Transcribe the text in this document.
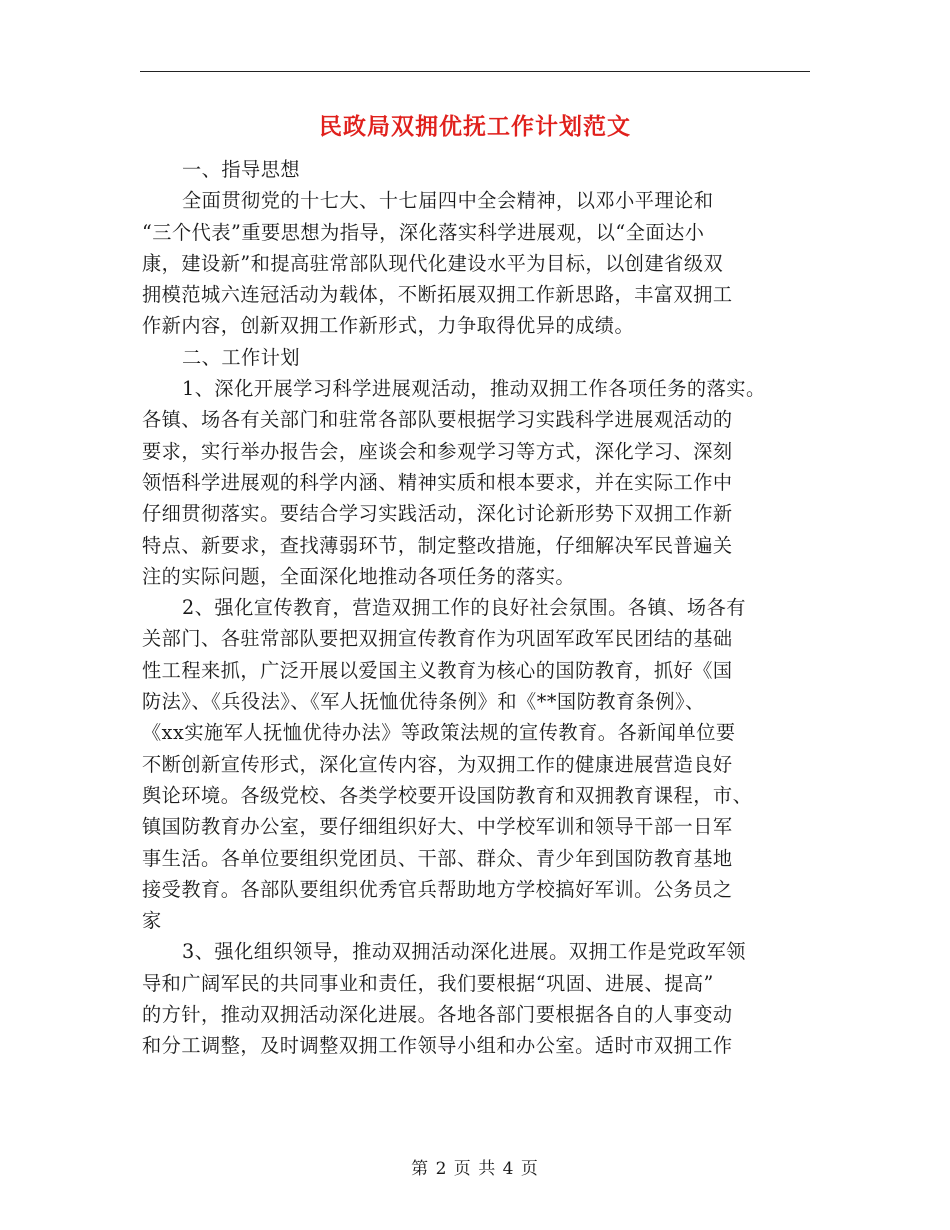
民政局双拥优抚工作计划范文
一、指导思想
全面贯彻党的十七大、十七届四中全会精神，以邓小平理论和
“三个代表”重要思想为指导，深化落实科学进展观，以“全面达小
康，建设新”和提高驻常部队现代化建设水平为目标，以创建省级双
拥模范城六连冠活动为载体，不断拓展双拥工作新思路，丰富双拥工
作新内容，创新双拥工作新形式，力争取得优异的成绩。
二、工作计划
1、深化开展学习科学进展观活动，推动双拥工作各项任务的落实。
各镇、场各有关部门和驻常各部队要根据学习实践科学进展观活动的
要求，实行举办报告会，座谈会和参观学习等方式，深化学习、深刻
领悟科学进展观的科学内涵、精神实质和根本要求，并在实际工作中
仔细贯彻落实。要结合学习实践活动，深化讨论新形势下双拥工作新
特点、新要求，查找薄弱环节，制定整改措施，仔细解决军民普遍关
注的实际问题，全面深化地推动各项任务的落实。
2、强化宣传教育，营造双拥工作的良好社会氛围。各镇、场各有
关部门、各驻常部队要把双拥宣传教育作为巩固军政军民团结的基础
性工程来抓，广泛开展以爱国主义教育为核心的国防教育，抓好《国
防法》、《兵役法》、《军人抚恤优待条例》和《**国防教育条例》、
《xx实施军人抚恤优待办法》等政策法规的宣传教育。各新闻单位要
不断创新宣传形式，深化宣传内容，为双拥工作的健康进展营造良好
舆论环境。各级党校、各类学校要开设国防教育和双拥教育课程，市、
镇国防教育办公室，要仔细组织好大、中学校军训和领导干部一日军
事生活。各单位要组织党团员、干部、群众、青少年到国防教育基地
接受教育。各部队要组织优秀官兵帮助地方学校搞好军训。公务员之
家
3、强化组织领导，推动双拥活动深化进展。双拥工作是党政军领
导和广阔军民的共同事业和责任，我们要根据“巩固、进展、提高”
的方针，推动双拥活动深化进展。各地各部门要根据各自的人事变动
和分工调整，及时调整双拥工作领导小组和办公室。适时市双拥工作
第 2 页 共 4 页
